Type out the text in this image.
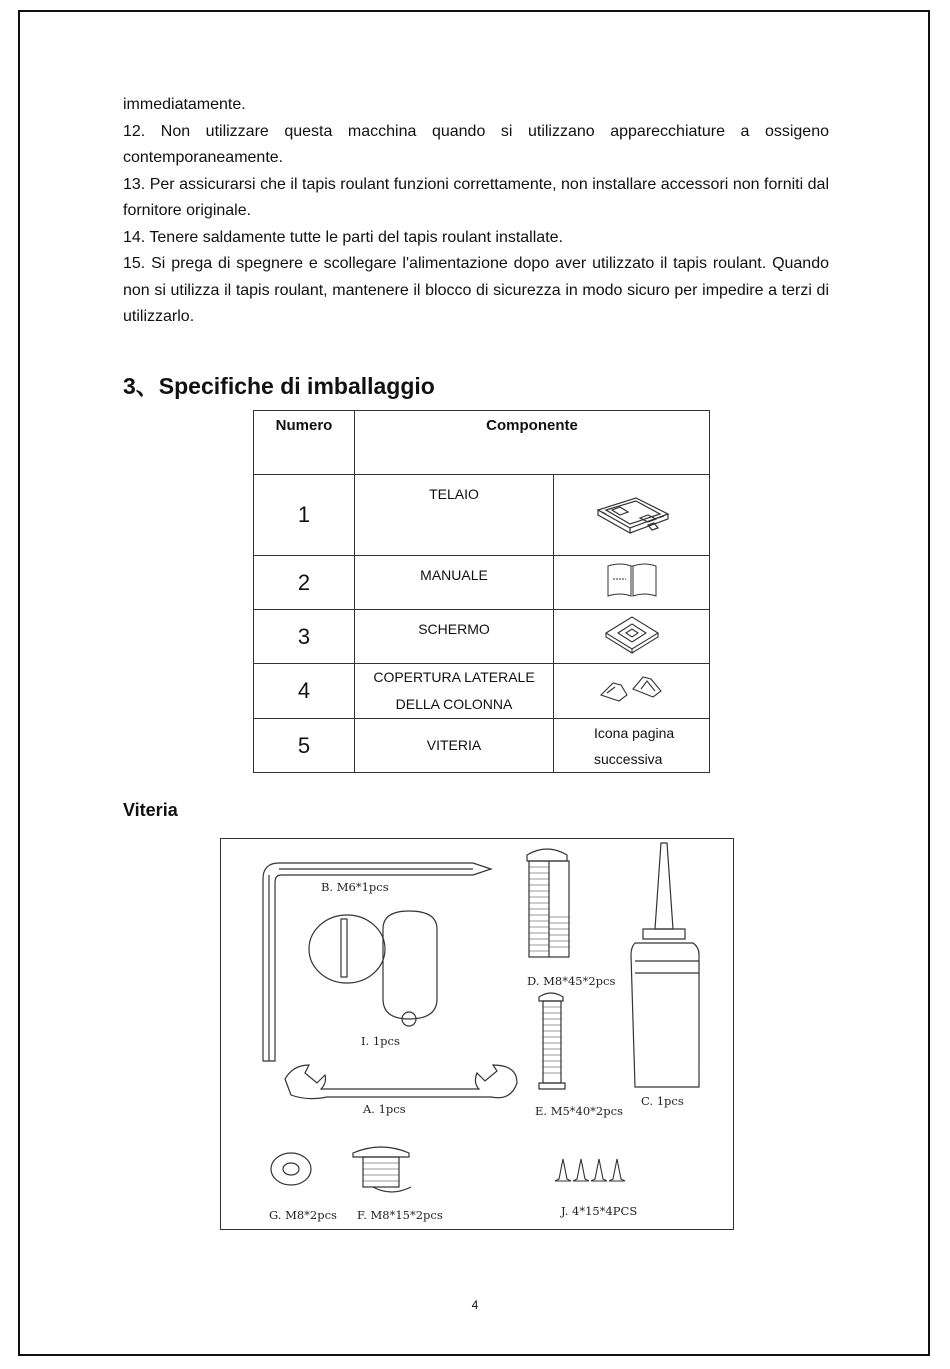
immediatamente.

12. Non utilizzare questa macchina quando si utilizzano apparecchiature a ossigeno contemporaneamente.

13. Per assicurarsi che il tapis roulant funzioni correttamente, non installare accessori non forniti dal fornitore originale.

14. Tenere saldamente tutte le parti del tapis roulant installate.

15. Si prega di spegnere e scollegare l'alimentazione dopo aver utilizzato il tapis roulant. Quando non si utilizza il tapis roulant, mantenere il blocco di sicurezza in modo sicuro per impedire a terzi di utilizzarlo.

3、Specifiche di imballaggio
Numero	Componente	
1	TELAIO	
2	MANUALE	
3	SCHERMO	
4	COPERTURA LATERALE
DELLA COLONNA

5	VITERIA	Icona pagina
successiva
Viteria
B. M6*1pcs
I. 1pcs
A. 1pcs
D. M8*45*2pcs
E. M5*40*2pcs
C. 1pcs
G. M8*2pcs F. M8*15*2pcs	J. 4*15*4PCS
4
